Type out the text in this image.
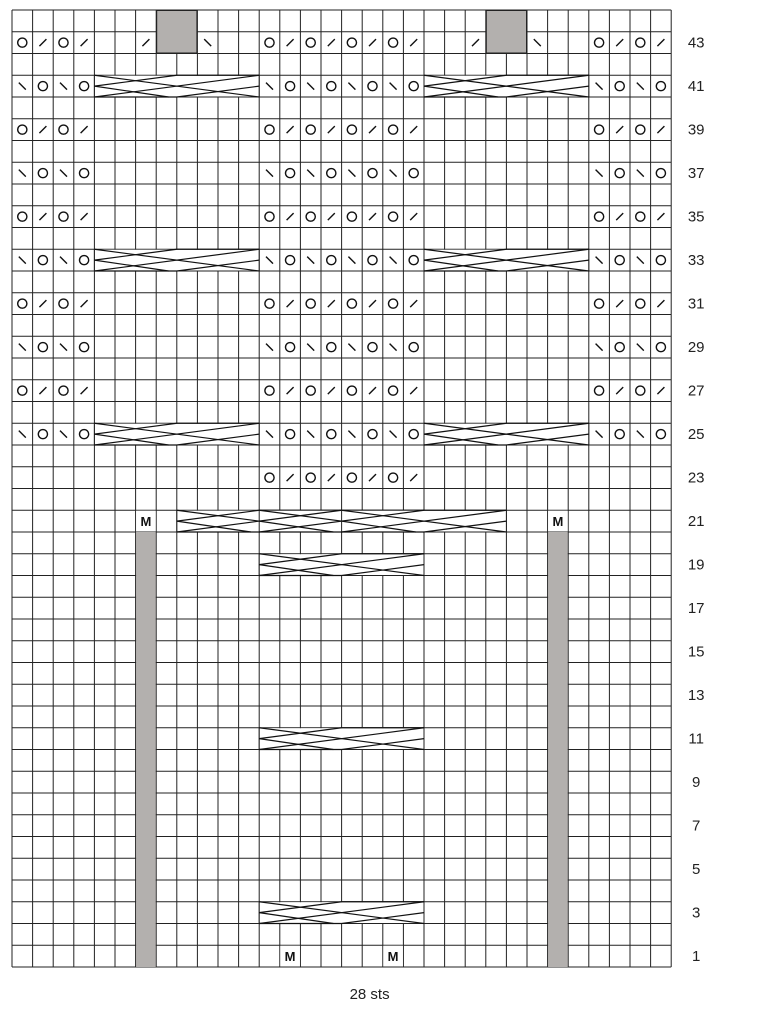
M	M
M	M	1
3
5
7
9
11
13
15
17
19
21
23
25
27
29
31
33
35
37
39
41
43
28 sts
